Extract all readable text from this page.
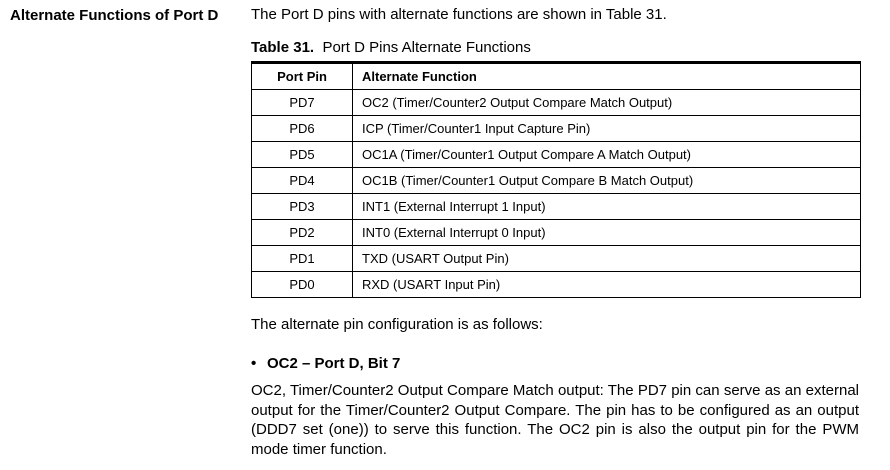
Alternate Functions of Port D The Port D pins with alternate functions are shown in Table 31.

Table 31. Port D Pins Alternate Functions
Port Pin	Alternate Function
PD7	OC2 (Timer/Counter2 Output Compare Match Output)
PD6	ICP (Timer/Counter1 Input Capture Pin)
PD5	OC1A (Timer/Counter1 Output Compare A Match Output)
PD4	OC1B (Timer/Counter1 Output Compare B Match Output)
PD3	INT1 (External Interrupt 1 Input)
PD2	INT0 (External Interrupt 0 Input)
PD1	TXD (USART Output Pin)
PD0	RXD (USART Input Pin)
The alternate pin configuration is as follows:
• OC2 – Port D, Bit 7
OC2, Timer/Counter2 Output Compare Match output: The PD7 pin can serve as an external output for the Timer/Counter2 Output Compare. The pin has to be configured as an output (DDD7 set (one)) to serve this function. The OC2 pin is also the output pin for the PWM mode timer function.
